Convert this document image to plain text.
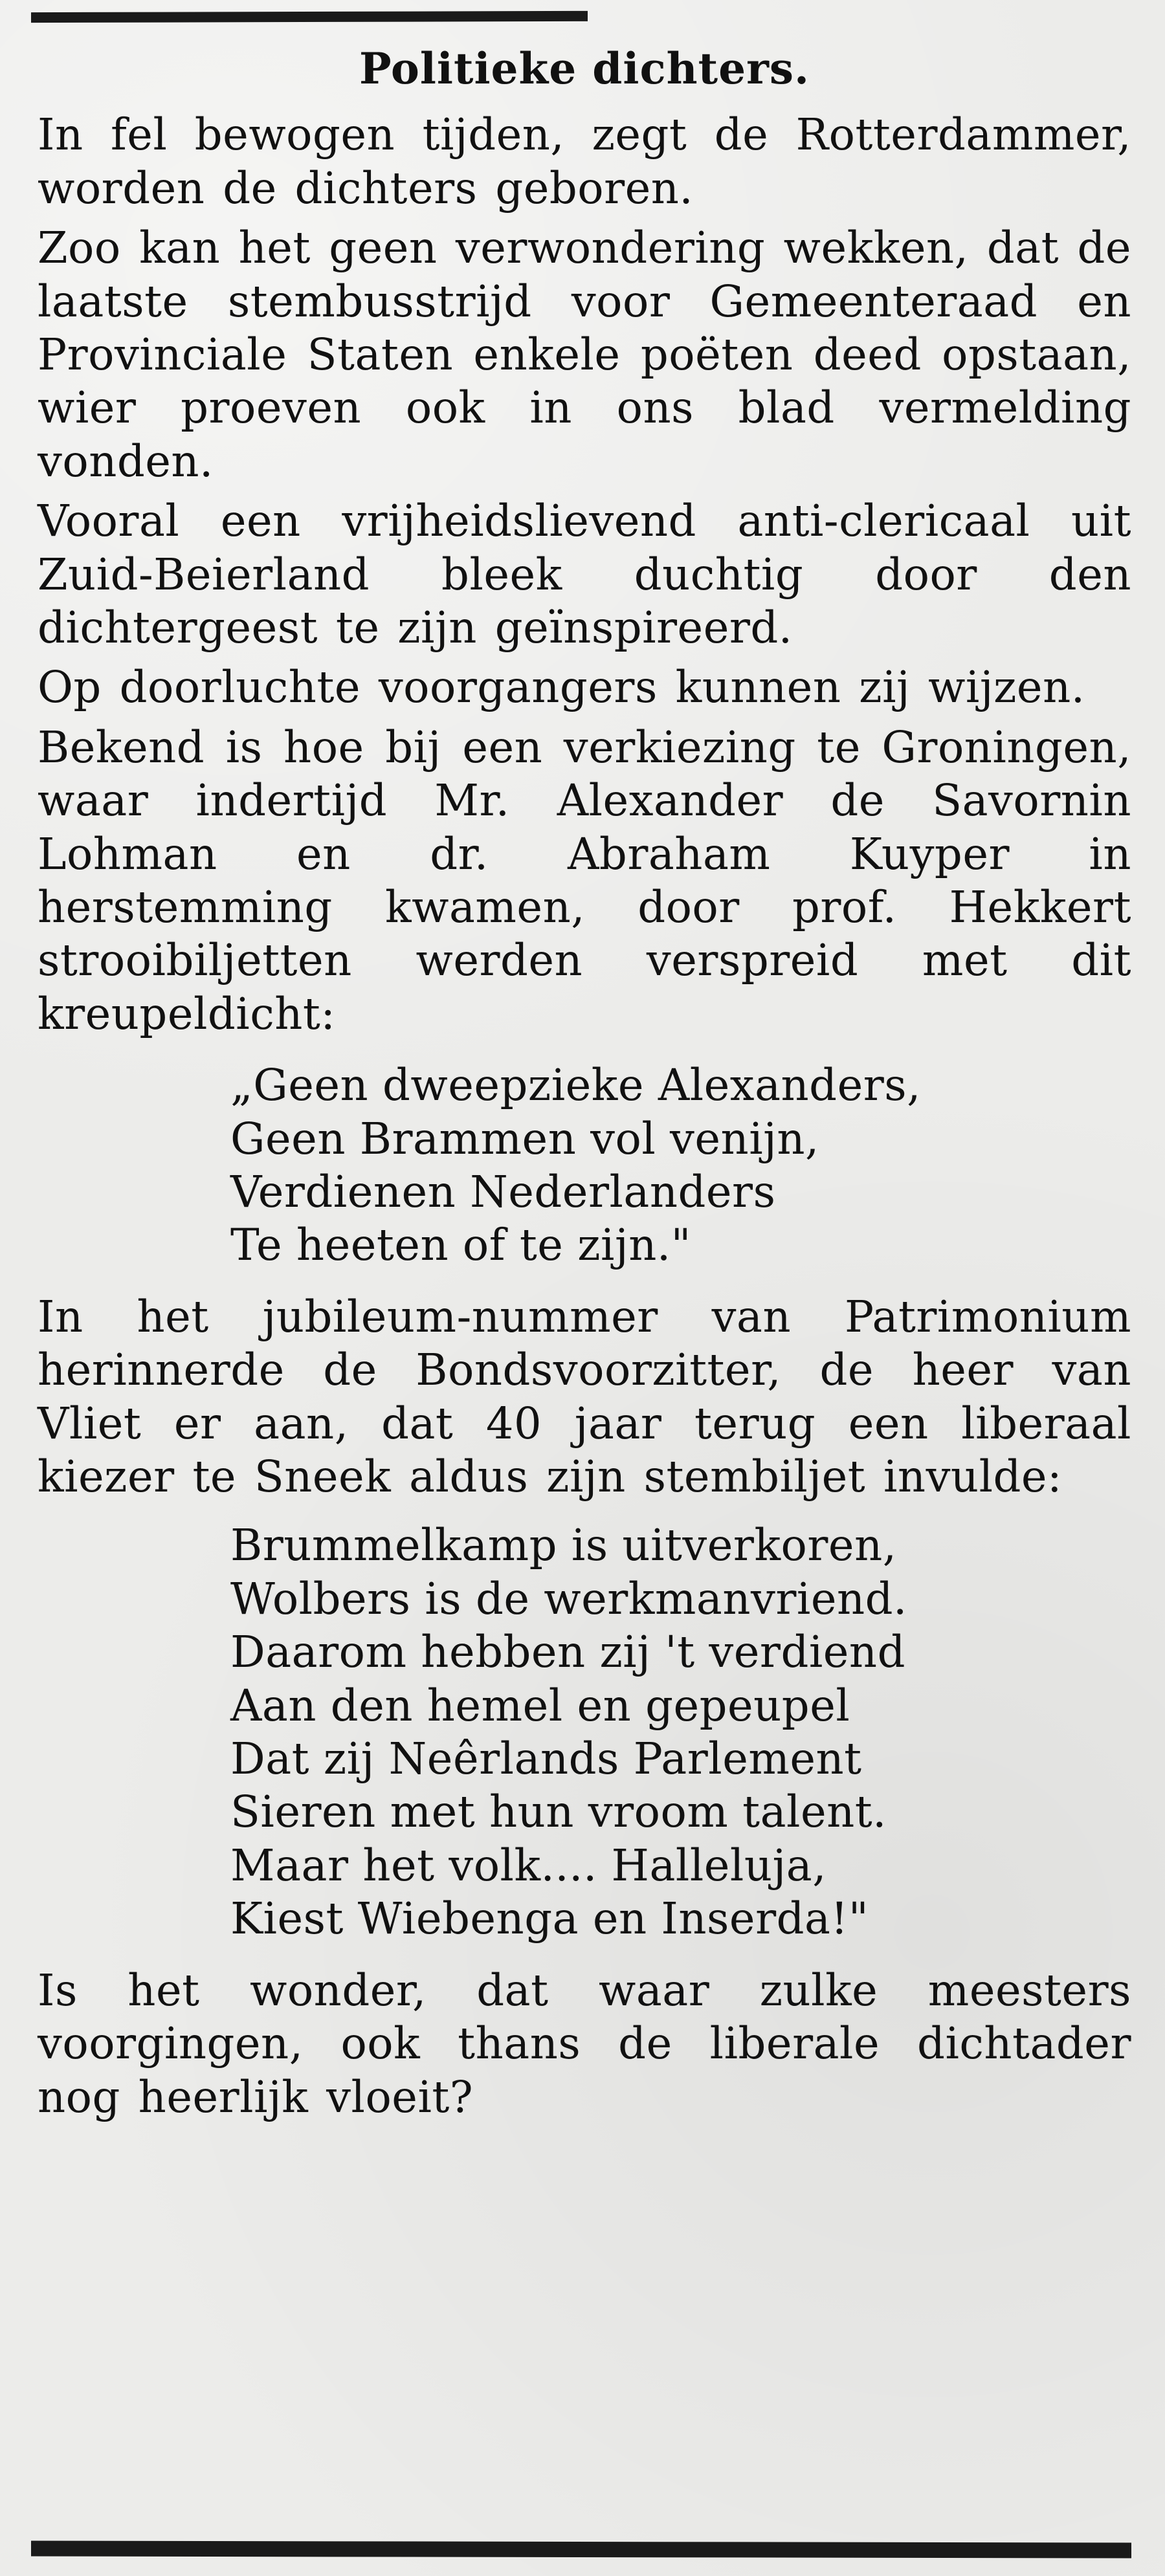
Politieke dichters.

In fel bewogen tijden, zegt de Rotterdammer, worden de dichters geboren.

Zoo kan het geen verwondering wekken, dat de laatste stembusstrijd voor Gemeenteraad en Provinciale Staten enkele poëten deed opstaan, wier proeven ook in ons blad vermelding vonden.

Vooral een vrijheidslievend anti-clericaal uit Zuid-Beierland bleek duchtig door den dichtergeest te zijn geïnspireerd.

Op doorluchte voorgangers kunnen zij wijzen.

Bekend is hoe bij een verkiezing te Groningen, waar indertijd Mr. Alexander de Savornin Lohman en dr. Abraham Kuyper in herstemming kwamen, door prof. Hekkert strooibiljetten werden verspreid met dit kreupeldicht:

„Geen dweepzieke Alexanders,
Geen Brammen vol venijn,
Verdienen Nederlanders
Te heeten of te zijn."

In het jubileum-nummer van Patrimonium herinnerde de Bondsvoorzitter, de heer van Vliet er aan, dat 40 jaar terug een liberaal kiezer te Sneek aldus zijn stembiljet invulde:

Brummelkamp is uitverkoren,
Wolbers is de werkmanvriend.
Daarom hebben zij 't verdiend
Aan den hemel en gepeupel
Dat zij Neêrlands Parlement
Sieren met hun vroom talent.
Maar het volk.... Halleluja,
Kiest Wiebenga en Inserda!"

Is het wonder, dat waar zulke meesters voorgingen, ook thans de liberale dichtader nog heerlijk vloeit?
